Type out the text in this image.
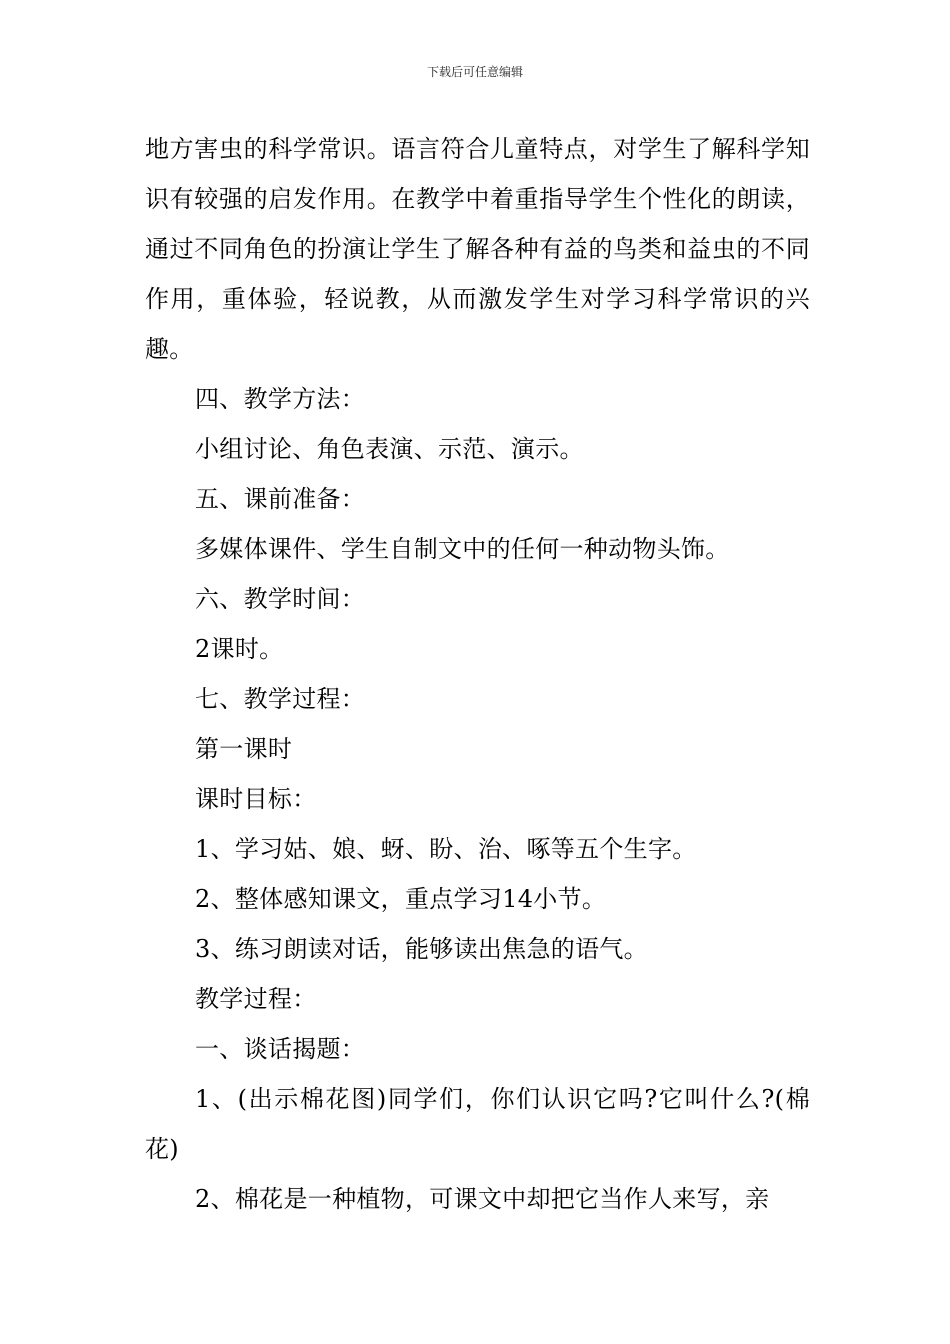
下载后可任意编辑

地方害虫的科学常识。语言符合儿童特点，对学生了解科学知识有较强的启发作用。在教学中着重指导学生个性化的朗读，通过不同角色的扮演让学生了解各种有益的鸟类和益虫的不同作用，重体验，轻说教，从而激发学生对学习科学常识的兴趣。

四、教学方法：

小组讨论、角色表演、示范、演示。

五、课前准备：

多媒体课件、学生自制文中的任何一种动物头饰。

六、教学时间：

2课时。

七、教学过程：

第一课时

课时目标：

1、学习姑、娘、蚜、盼、治、啄等五个生字。

2、整体感知课文，重点学习14小节。

3、练习朗读对话，能够读出焦急的语气。

教学过程：

一、谈话揭题：

1、(出示棉花图)同学们，你们认识它吗?它叫什么?(棉花)

2、棉花是一种植物，可课文中却把它当作人来写，亲
